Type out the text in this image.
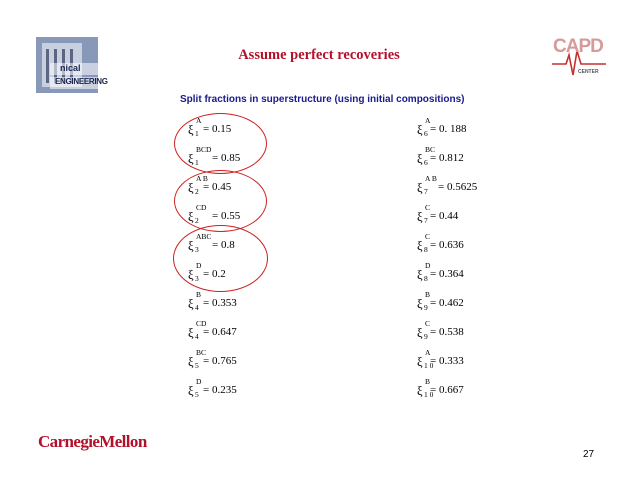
nical
ENGINEERING
CAPD
CENTER
Assume perfect recoveries
Split fractions in superstructure (using initial compositions)
ξ
A
1 = 0.15
ξ
BCD
1 = 0.85
ξ
A B
2 = 0.45
ξ
CD
2 = 0.55
ξ
ABC
3 = 0.8
ξ
D
3 = 0.2
ξ
B
4 = 0.353
ξ
CD
4 = 0.647
ξ
BC
5 = 0.765
ξ
D
5 = 0.235
ξ
A
6 = 0. 188
ξ
BC
6 = 0.812
ξ
A B
7 = 0.5625
ξ
C
7 = 0.44
ξ
C
8 = 0.636
ξ
D
8 = 0.364
ξ
B
9 = 0.462
ξ
C
9 = 0.538
ξ
A
1 0
= 0.333
ξ
B
1 0
= 0.667
CarnegieMellon
27
